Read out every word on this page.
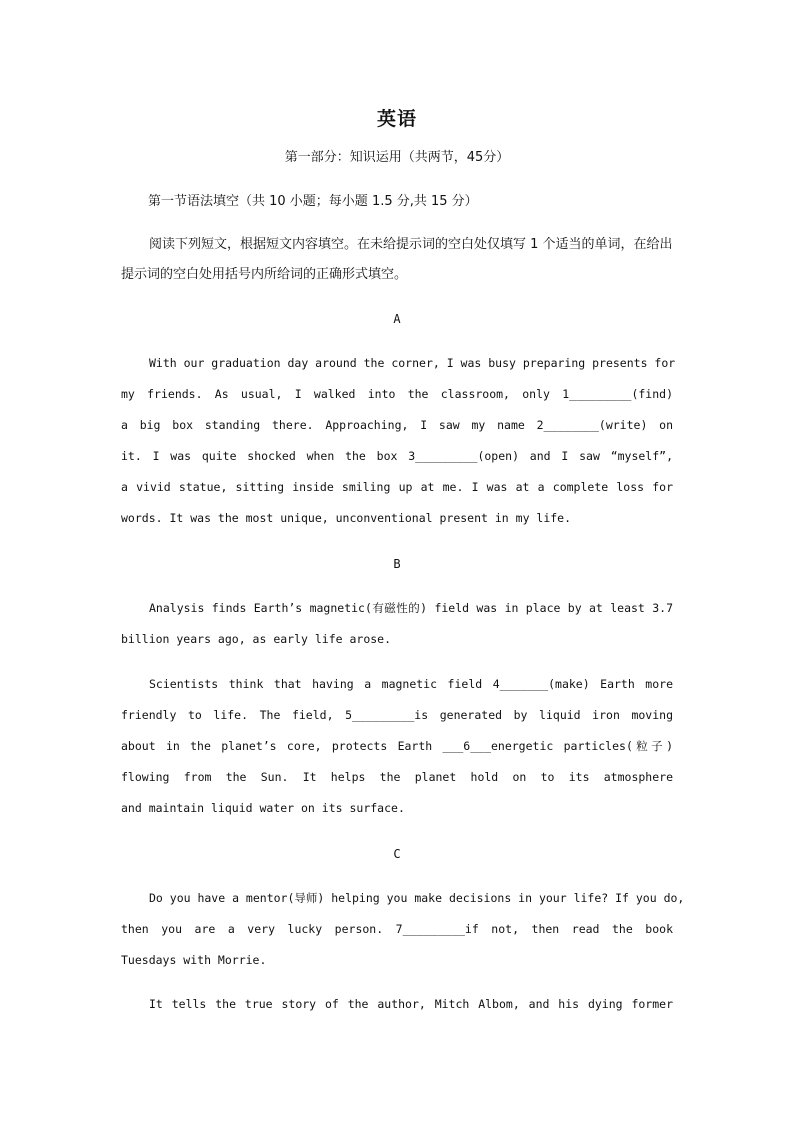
英语
第一部分：知识运用（共两节，45分）
第一节语法填空（共 10 小题；每小题 1.5 分,共 15 分）
阅读下列短文，根据短文内容填空。在未给提示词的空白处仅填写 1 个适当的单词，在给出提示词的空白处用括号内所给词的正确形式填空。
A
With our graduation day around the corner, I was busy preparing presents for
my friends. As usual, I walked into the classroom, only 1_________(find)
a big box standing there. Approaching, I saw my name 2________(write) on
it. I was quite shocked when the box 3_________(open) and I saw “myself”,
a vivid statue, sitting inside smiling up at me. I was at a complete loss for
words. It was the most unique, unconventional present in my life.
B
Analysis finds Earth’s magnetic(有磁性的) field was in place by at least 3.7
billion years ago, as early life arose.
Scientists think that having a magnetic field 4_______(make) Earth more
friendly to life. The field, 5_________is generated by liquid iron moving
about in the planet’s core, protects Earth ___6___energetic particles(粒子)
flowing from the Sun. It helps the planet hold on to its atmosphere
and maintain liquid water on its surface.
C
Do you have a mentor(导师) helping you make decisions in your life? If you do,
then you are a very lucky person. 7_________if not, then read the book
Tuesdays with Morrie.
It tells the true story of the author, Mitch Albom, and his dying former
